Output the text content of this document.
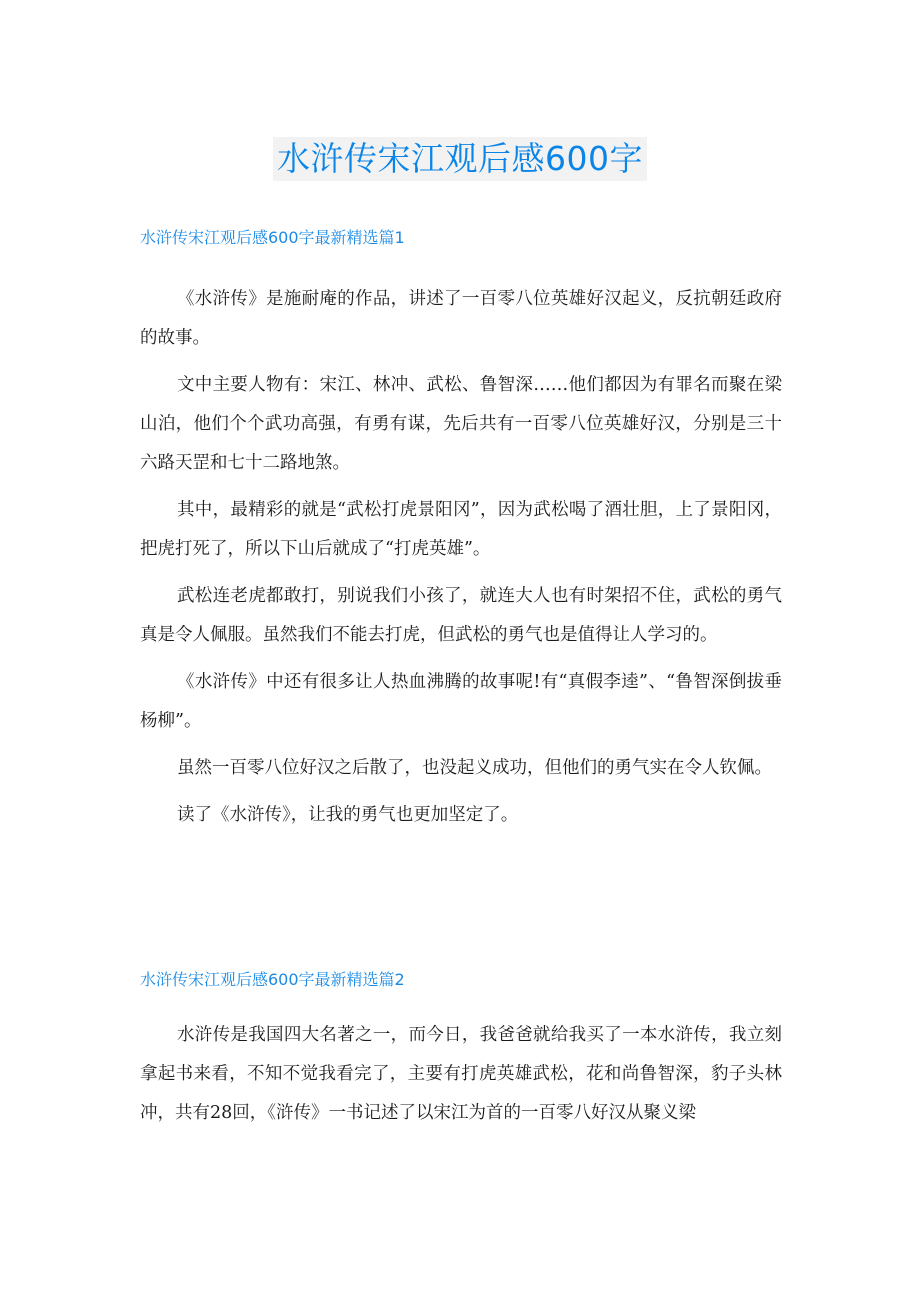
水浒传宋江观后感600字
水浒传宋江观后感600字最新精选篇1

《水浒传》是施耐庵的作品，讲述了一百零八位英雄好汉起义，反抗朝廷政府的故事。

文中主要人物有：宋江、林冲、武松、鲁智深……他们都因为有罪名而聚在梁山泊，他们个个武功高强，有勇有谋，先后共有一百零八位英雄好汉，分别是三十六路天罡和七十二路地煞。

其中，最精彩的就是“武松打虎景阳冈”，因为武松喝了酒壮胆，上了景阳冈，把虎打死了，所以下山后就成了“打虎英雄”。

武松连老虎都敢打，别说我们小孩了，就连大人也有时架招不住，武松的勇气真是令人佩服。虽然我们不能去打虎，但武松的勇气也是值得让人学习的。

《水浒传》中还有很多让人热血沸腾的故事呢!有“真假李逵”、“鲁智深倒拔垂杨柳”。

虽然一百零八位好汉之后散了，也没起义成功，但他们的勇气实在令人钦佩。

读了《水浒传》，让我的勇气也更加坚定了。

水浒传宋江观后感600字最新精选篇2

水浒传是我国四大名著之一，而今日，我爸爸就给我买了一本水浒传，我立刻拿起书来看，不知不觉我看完了，主要有打虎英雄武松，花和尚鲁智深，豹子头林冲，共有28回，《浒传》一书记述了以宋江为首的一百零八好汉从聚义梁
